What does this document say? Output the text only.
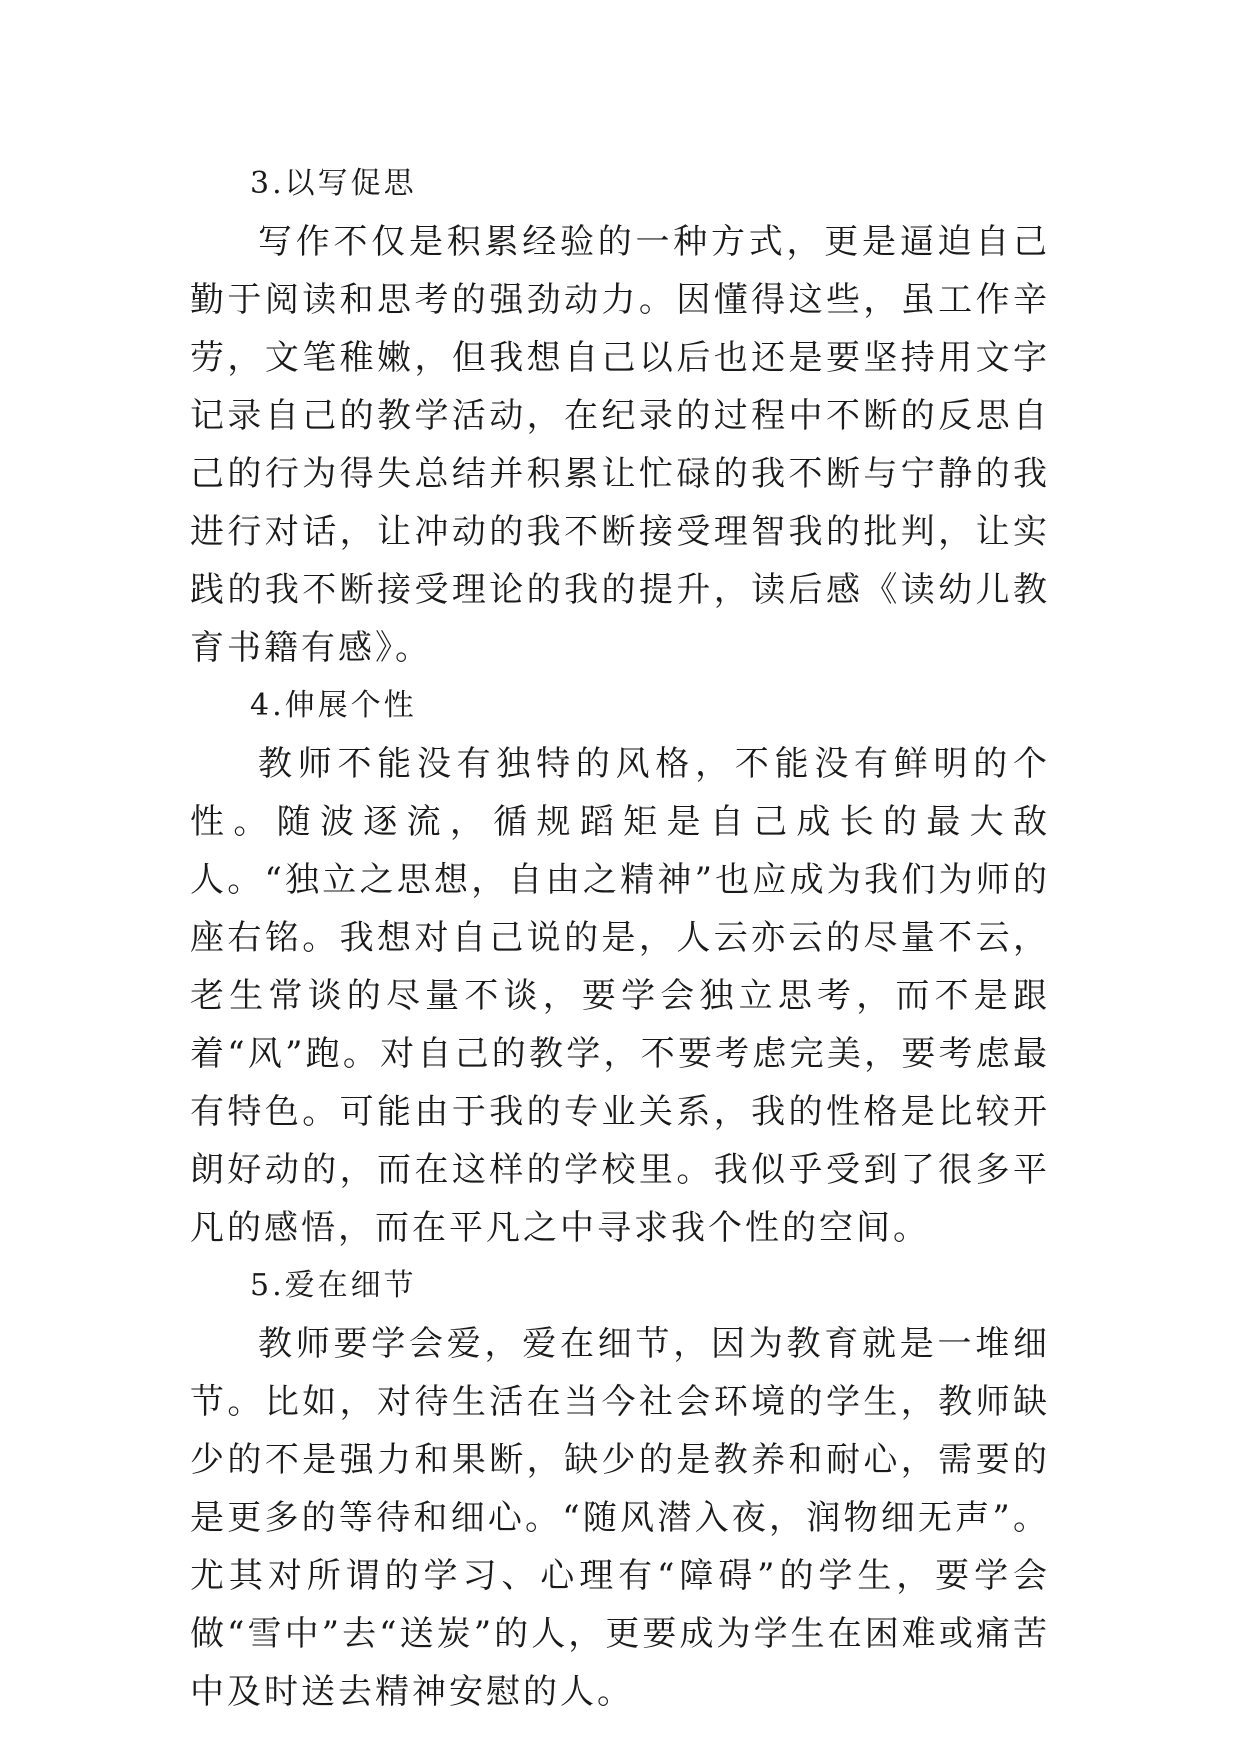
3.以写促思

写作不仅是积累经验的一种方式，更是逼迫自己勤于阅读和思考的强劲动力。因懂得这些，虽工作辛劳，文笔稚嫩，但我想自己以后也还是要坚持用文字记录自己的教学活动，在纪录的过程中不断的反思自己的行为得失总结并积累让忙碌的我不断与宁静的我进行对话，让冲动的我不断接受理智我的批判，让实践的我不断接受理论的我的提升，读后感《读幼儿教育书籍有感》。

4.伸展个性

教师不能没有独特的风格，不能没有鲜明的个性。随波逐流，循规蹈矩是自己成长的最大敌人。“独立之思想，自由之精神”也应成为我们为师的座右铭。我想对自己说的是，人云亦云的尽量不云，老生常谈的尽量不谈，要学会独立思考，而不是跟着“风”跑。对自己的教学，不要考虑完美，要考虑最有特色。可能由于我的专业关系，我的性格是比较开朗好动的，而在这样的学校里。我似乎受到了很多平凡的感悟，而在平凡之中寻求我个性的空间。

5.爱在细节

教师要学会爱，爱在细节，因为教育就是一堆细节。比如，对待生活在当今社会环境的学生，教师缺少的不是强力和果断，缺少的是教养和耐心，需要的是更多的等待和细心。“随风潜入夜，润物细无声”。尤其对所谓的学习、心理有“障碍”的学生，要学会做“雪中”去“送炭”的人，更要成为学生在困难或痛苦中及时送去精神安慰的人。
